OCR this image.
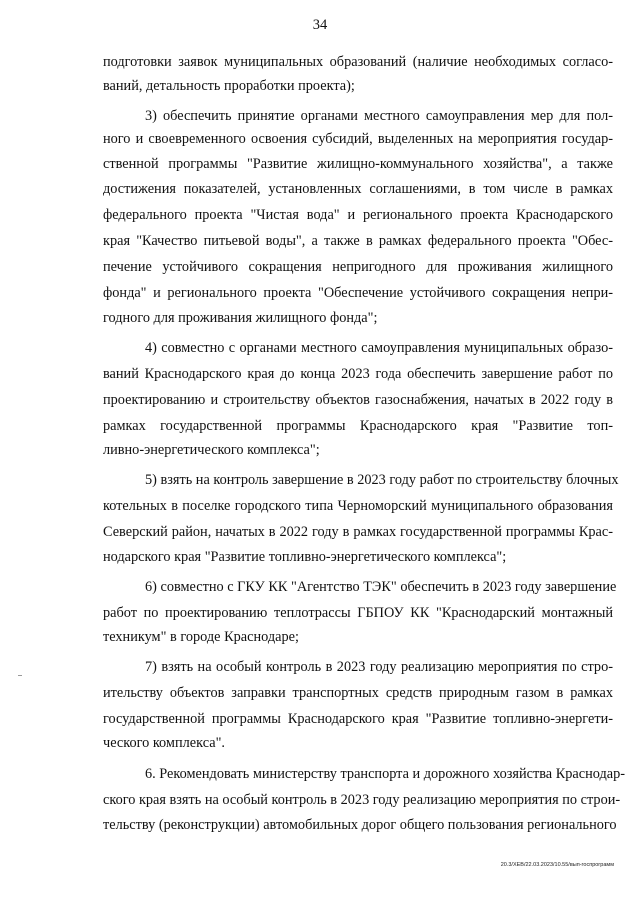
34
подготовки заявок муниципальных образований (наличие необходимых согласо-
ваний, детальность проработки проекта);
3) обеспечить принятие органами местного самоуправления мер для пол-
ного и своевременного освоения субсидий, выделенных на мероприятия государ-
ственной программы "Развитие жилищно-коммунального хозяйства", а также
достижения показателей, установленных соглашениями, в том числе в рамках
федерального проекта "Чистая вода" и регионального проекта Краснодарского
края "Качество питьевой воды", а также в рамках федерального проекта "Обес-
печение устойчивого сокращения непригодного для проживания жилищного
фонда" и регионального проекта "Обеспечение устойчивого сокращения непри-
годного для проживания жилищного фонда";
4) совместно с органами местного самоуправления муниципальных образо-
ваний Краснодарского края до конца 2023 года обеспечить завершение работ по
проектированию и строительству объектов газоснабжения, начатых в 2022 году в
рамках государственной программы Краснодарского края "Развитие топ-
ливно-энергетического комплекса";
5) взять на контроль завершение в 2023 году работ по строительству блочных
котельных в поселке городского типа Черноморский муниципального образования
Северский район, начатых в 2022 году в рамках государственной программы Крас-
нодарского края "Развитие топливно-энергетического комплекса";
6) совместно с ГКУ КК "Агентство ТЭК" обеспечить в 2023 году завершение
работ по проектированию теплотрассы ГБПОУ КК "Краснодарский монтажный
техникум" в городе Краснодаре;
7) взять на особый контроль в 2023 году реализацию мероприятия по стро-
ительству объектов заправки транспортных средств природным газом в рамках
государственной программы Краснодарского края "Развитие топливно-энергети-
ческого комплекса".
6. Рекомендовать министерству транспорта и дорожного хозяйства Краснодар-
ского края взять на особый контроль в 2023 году реализацию мероприятия по строи-
тельству (реконструкции) автомобильных дорог общего пользования регионального
20.3/ХЕВ/22.03.2023/10.55/вып-госпрограмм
